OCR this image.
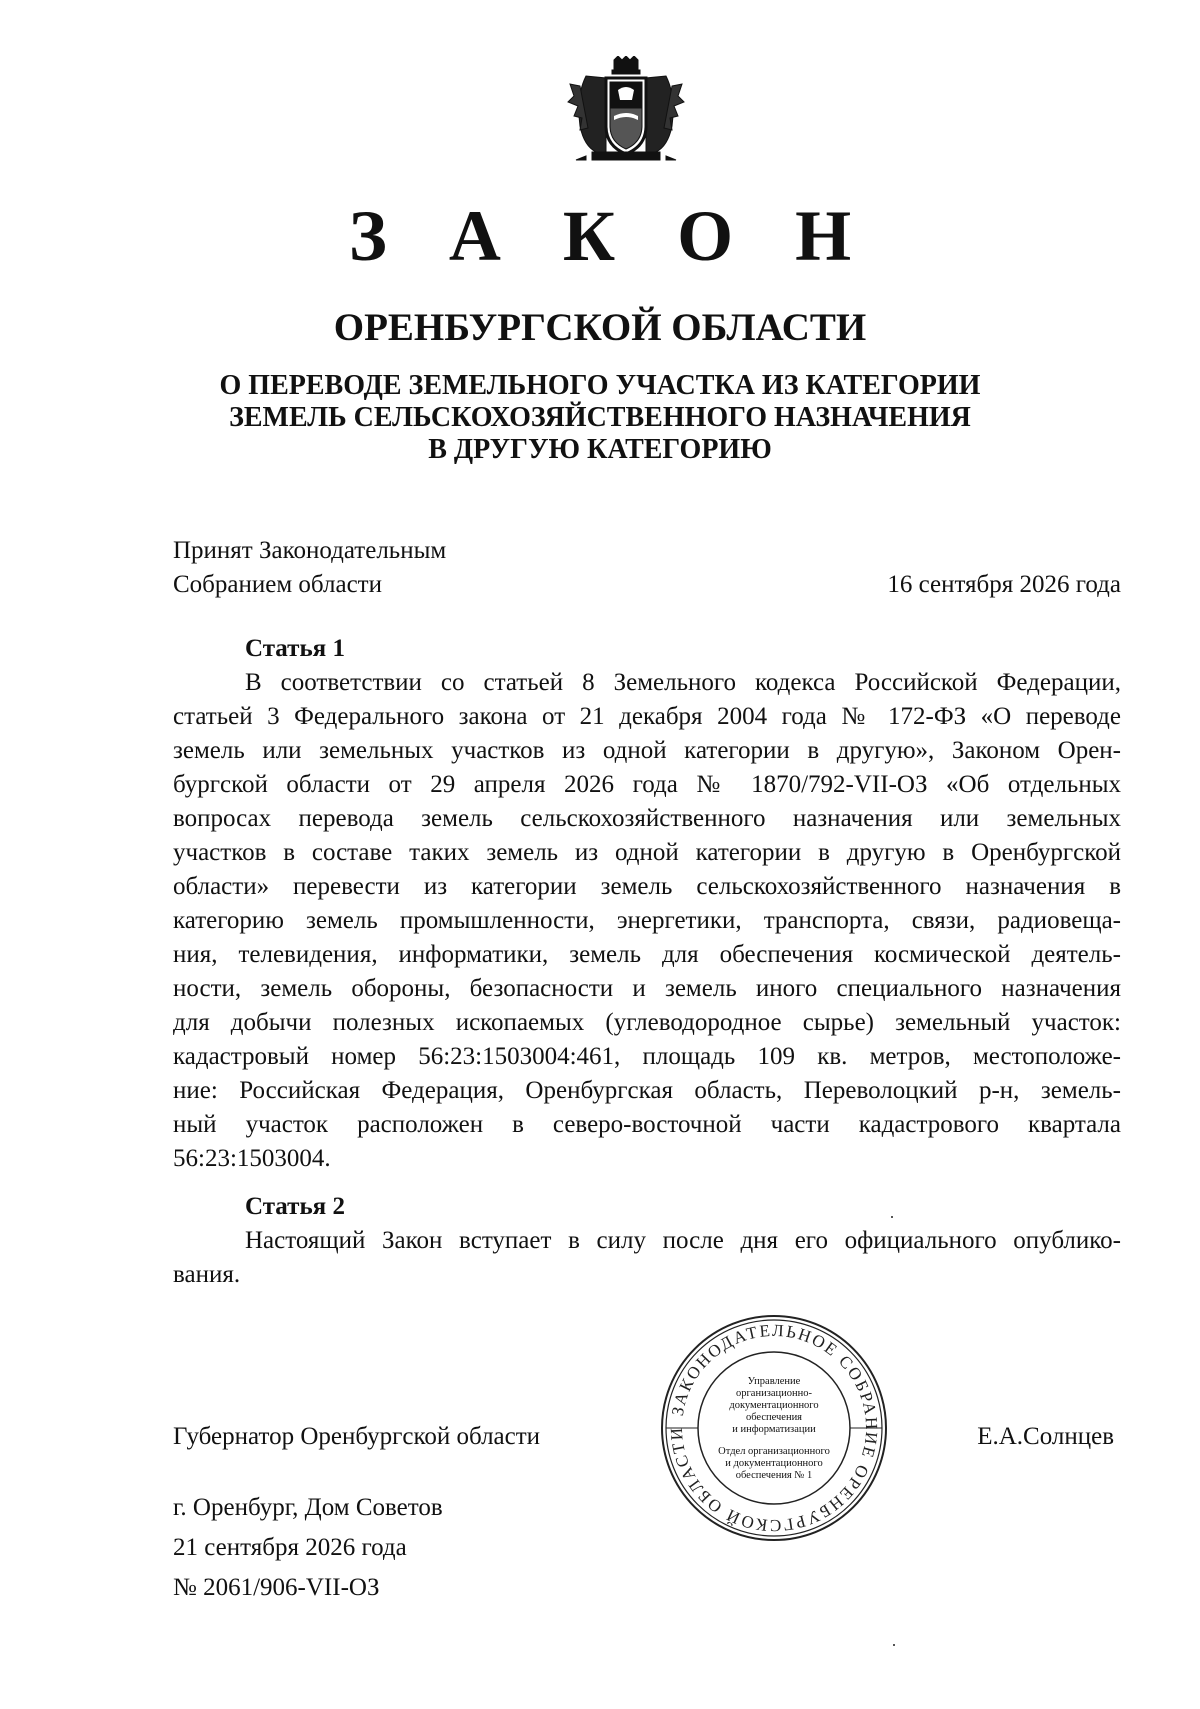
З А К О Н
ОРЕНБУРГСКОЙ ОБЛАСТИ
О ПЕРЕВОДЕ ЗЕМЕЛЬНОГО УЧАСТКА ИЗ КАТЕГОРИИ
ЗЕМЕЛЬ СЕЛЬСКОХОЗЯЙСТВЕННОГО НАЗНАЧЕНИЯ
В ДРУГУЮ КАТЕГОРИЮ
Принят Законодательным
Собранием области	16 сентября 2026 года
Статья 1
В соответствии со статьей 8 Земельного кодекса Российской Федерации,
статьей 3 Федерального закона от 21 декабря 2004 года № 172-ФЗ «О переводе
земель или земельных участков из одной категории в другую», Законом Орен-
бургской области от 29 апреля 2026 года № 1870/792-VII-ОЗ «Об отдельных
вопросах перевода земель сельскохозяйственного назначения или земельных
участков в составе таких земель из одной категории в другую в Оренбургской
области» перевести из категории земель сельскохозяйственного назначения в
категорию земель промышленности, энергетики, транспорта, связи, радиовеща-
ния, телевидения, информатики, земель для обеспечения космической деятель-
ности, земель обороны, безопасности и земель иного специального назначения
для добычи полезных ископаемых (углеводородное сырье) земельный участок:
кадастровый номер 56:23:1503004:461, площадь 109 кв. метров, местоположе-
ние: Российская Федерация, Оренбургская область, Переволоцкий р-н, земель-
ный участок расположен в северо-восточной части кадастрового квартала
56:23:1503004.
Статья 2
Настоящий Закон вступает в силу после дня его официального опублико-
вания.
Губернатор Оренбургской области	Е.А.Солнцев
г. Оренбург, Дом Советов
21 сентября 2026 года
№ 2061/906-VII-ОЗ
ЗАКОНОДАТЕЛЬНОЕ СОБРАНИЕ ОРЕНБУРГСКОЙ ОБЛАСТИ
Управление
организационно-
документационного
обеспечения
и информатизации
Отдел организационного
и документационного
обеспечения № 1
